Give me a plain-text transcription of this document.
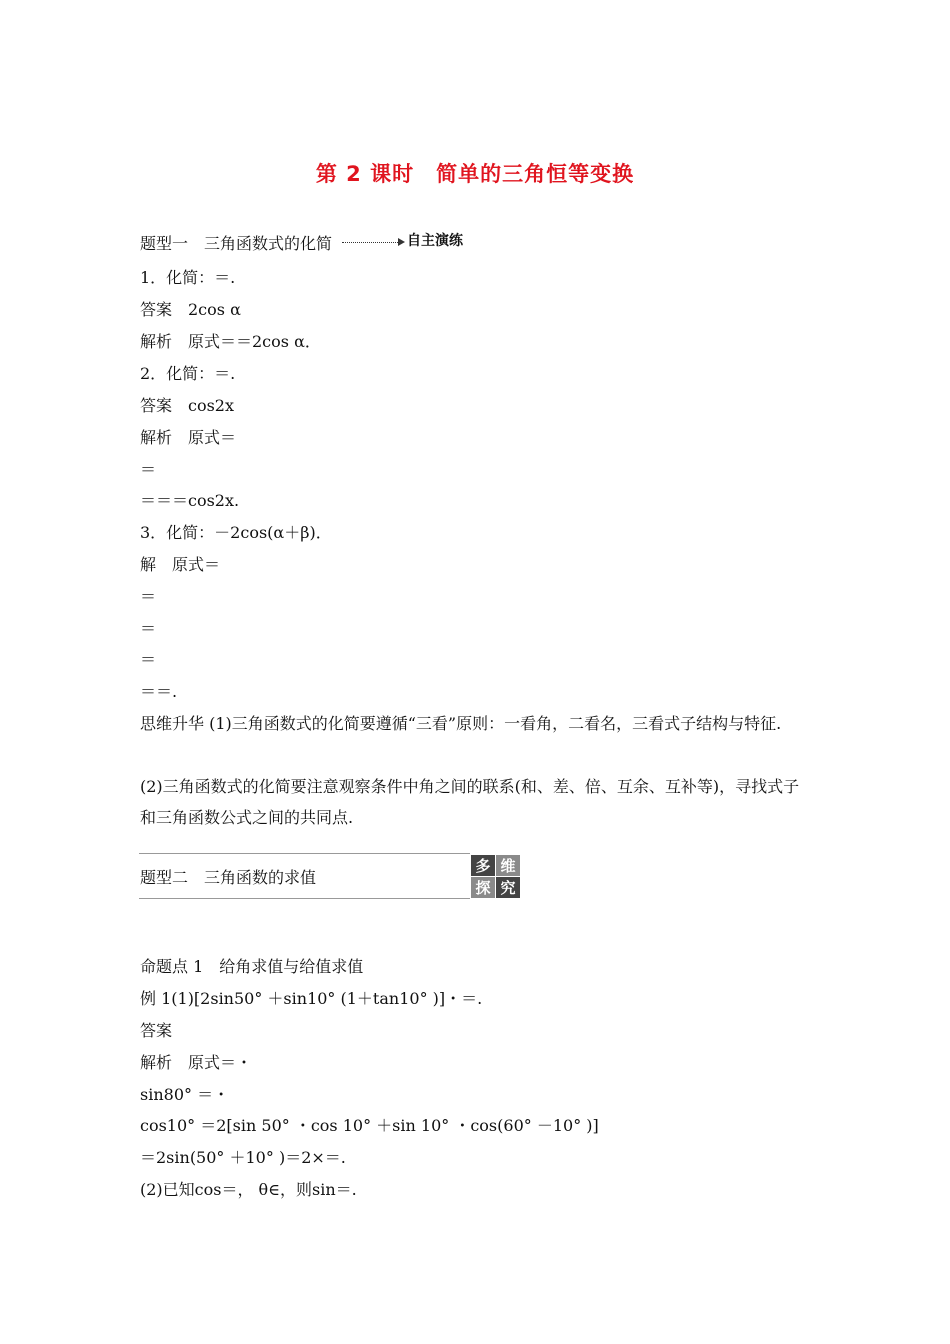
第 2 课时　简单的三角恒等变换
题型一　三角函数式的化简	自主演练
1．化简：＝.
答案　2cos α
解析　原式＝＝2cos α．
2．化简：＝.
答案　cos2x
解析　原式＝
＝
＝＝＝cos2x.
3．化简：－2cos(α＋β)．
解　原式＝
＝
＝
＝
＝＝.
思维升华 (1)三角函数式的化简要遵循“三看”原则：一看角，二看名，三看式子结构与特征.
(2)三角函数式的化简要注意观察条件中角之间的联系(和、差、倍、互余、互补等)，寻找式子和三角函数公式之间的共同点.
题型二　三角函数的求值
多 维
探 究
命题点 1　给角求值与给值求值
例 1(1)[2sin50° ＋sin10° (1＋tan10° )]・＝.
答案
解析　原式＝・
sin80° ＝・
cos10° ＝2[sin 50° ・cos 10° ＋sin 10° ・cos(60° －10° )]
＝2sin(50° ＋10° )＝2×＝.
(2)已知cos＝， θ∈，则sin＝.
